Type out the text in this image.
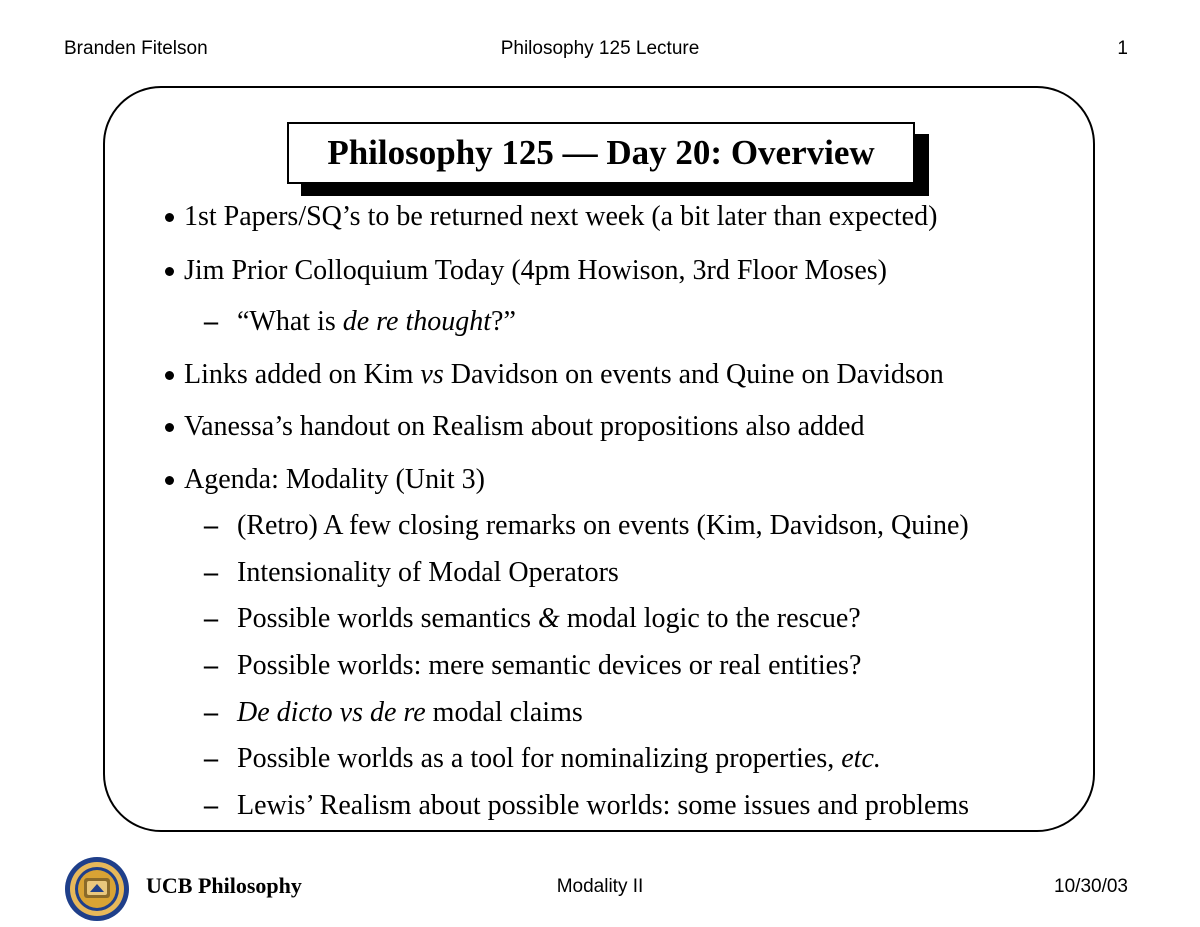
Branden Fitelson	Philosophy 125 Lecture	1
Philosophy 125 — Day 20: Overview
1st Papers/SQ’s to be returned next week (a bit later than expected)
Jim Prior Colloquium Today (4pm Howison, 3rd Floor Moses)
– “What is de re thought?”
Links added on Kim vs Davidson on events and Quine on Davidson
Vanessa’s handout on Realism about propositions also added
Agenda: Modality (Unit 3)
– (Retro) A few closing remarks on events (Kim, Davidson, Quine)
– Intensionality of Modal Operators
– Possible worlds semantics & modal logic to the rescue?
– Possible worlds: mere semantic devices or real entities?
– De dicto vs de re modal claims
– Possible worlds as a tool for nominalizing properties, etc.
– Lewis’ Realism about possible worlds: some issues and problems
UCB Philosophy	Modality II	10/30/03
